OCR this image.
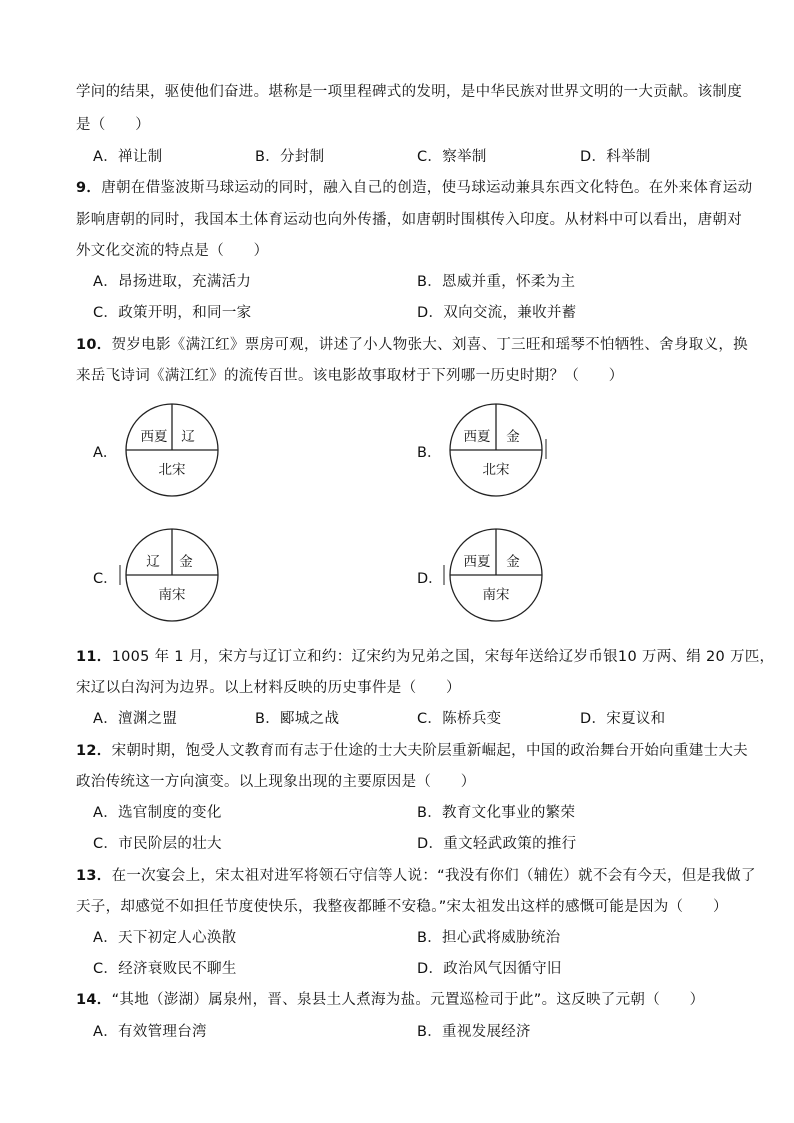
学问的结果，驱使他们奋进。堪称是一项里程碑式的发明，是中华民族对世界文明的一大贡献。该制度
是（　　）
A．禅让制	B．分封制	C．察举制	D．科举制
9．唐朝在借鉴波斯马球运动的同时，融入自己的创造，使马球运动兼具东西文化特色。在外来体育运动
影响唐朝的同时，我国本土体育运动也向外传播，如唐朝时围棋传入印度。从材料中可以看出，唐朝对
外文化交流的特点是（　　）
A．昂扬进取，充满活力	B．恩威并重，怀柔为主
C．政策开明，和同一家	D．双向交流，兼收并蓄
10．贺岁电影《满江红》票房可观，讲述了小人物张大、刘喜、丁三旺和瑶琴不怕牺牲、舍身取义，换
来岳飞诗词《满江红》的流传百世。该电影故事取材于下列哪一历史时期？（　　）
A．
西夏 辽
北宋
B．
西夏 金
北宋
C．
辽 金
南宋
D．
西夏 金
南宋
11．1005 年 1 月，宋方与辽订立和约：辽宋约为兄弟之国，宋每年送给辽岁币银10 万两、绢 20 万匹，
宋辽以白沟河为边界。以上材料反映的历史事件是（　　）
A．澶渊之盟	B．郾城之战	C．陈桥兵变	D．宋夏议和
12．宋朝时期，饱受人文教育而有志于仕途的士大夫阶层重新崛起，中国的政治舞台开始向重建士大夫
政治传统这一方向演变。以上现象出现的主要原因是（　　）
A．选官制度的变化	B．教育文化事业的繁荣
C．市民阶层的壮大	D．重文轻武政策的推行
13．在一次宴会上，宋太祖对进军将领石守信等人说：“我没有你们（辅佐）就不会有今天，但是我做了
天子，却感觉不如担任节度使快乐，我整夜都睡不安稳。”宋太祖发出这样的感慨可能是因为（　　）
A．天下初定人心涣散	B．担心武将威胁统治
C．经济衰败民不聊生	D．政治风气因循守旧
14．“其地（澎湖）属泉州，晋、泉县土人煮海为盐。元置巡检司于此”。这反映了元朝（　　）
A．有效管理台湾	B．重视发展经济
